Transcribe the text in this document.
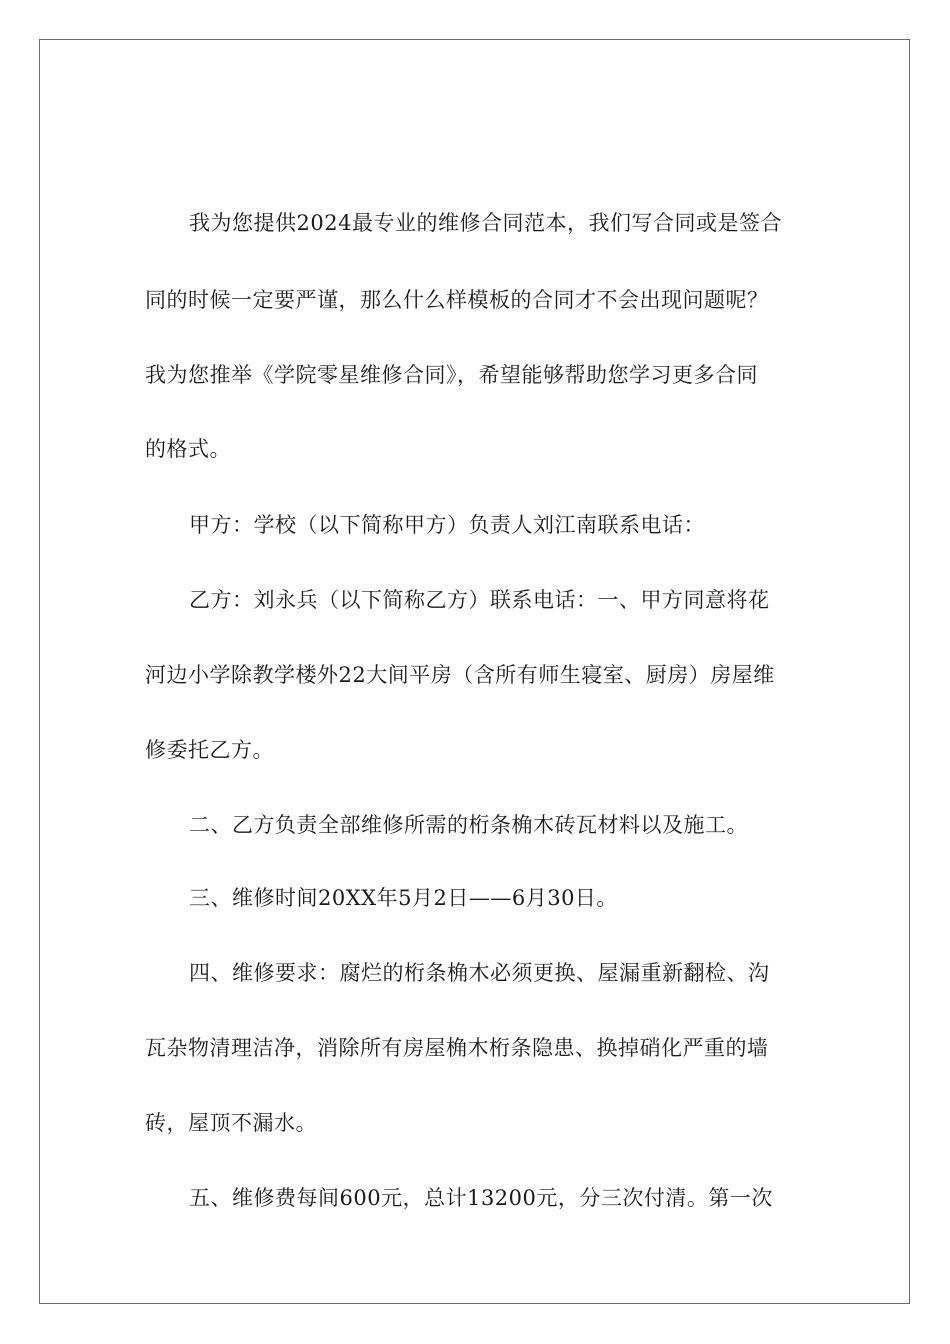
我为您提供2024最专业的维修合同范本，我们写合同或是签合

同的时候一定要严谨，那么什么样模板的合同才不会出现问题呢？

我为您推举《学院零星维修合同》，希望能够帮助您学习更多合同

的格式。

甲方：学校（以下简称甲方）负责人刘江南联系电话：

乙方：刘永兵（以下简称乙方）联系电话：一、甲方同意将花

河边小学除教学楼外22大间平房（含所有师生寝室、厨房）房屋维

修委托乙方。

二、乙方负责全部维修所需的桁条桷木砖瓦材料以及施工。

三、维修时间20XX年5月2日——6月30日。

四、维修要求：腐烂的桁条桷木必须更换、屋漏重新翻检、沟

瓦杂物清理洁净，消除所有房屋桷木桁条隐患、换掉硝化严重的墙

砖，屋顶不漏水。

五、维修费每间600元，总计13200元，分三次付清。第一次
